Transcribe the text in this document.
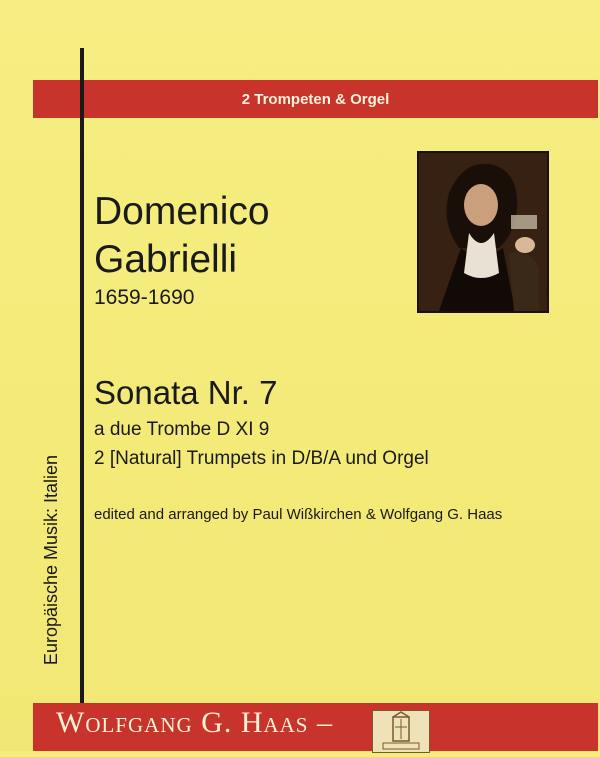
2 Trompeten & Orgel
Domenico
Gabrielli
1659-1690
Sonata Nr. 7
a due Trombe D XI 9
2 [Natural] Trumpets in D/B/A und Orgel
edited and arranged by Paul Wißkirchen & Wolfgang G. Haas
Europäische Musik: Italien
Wolfgang G. Haas –
